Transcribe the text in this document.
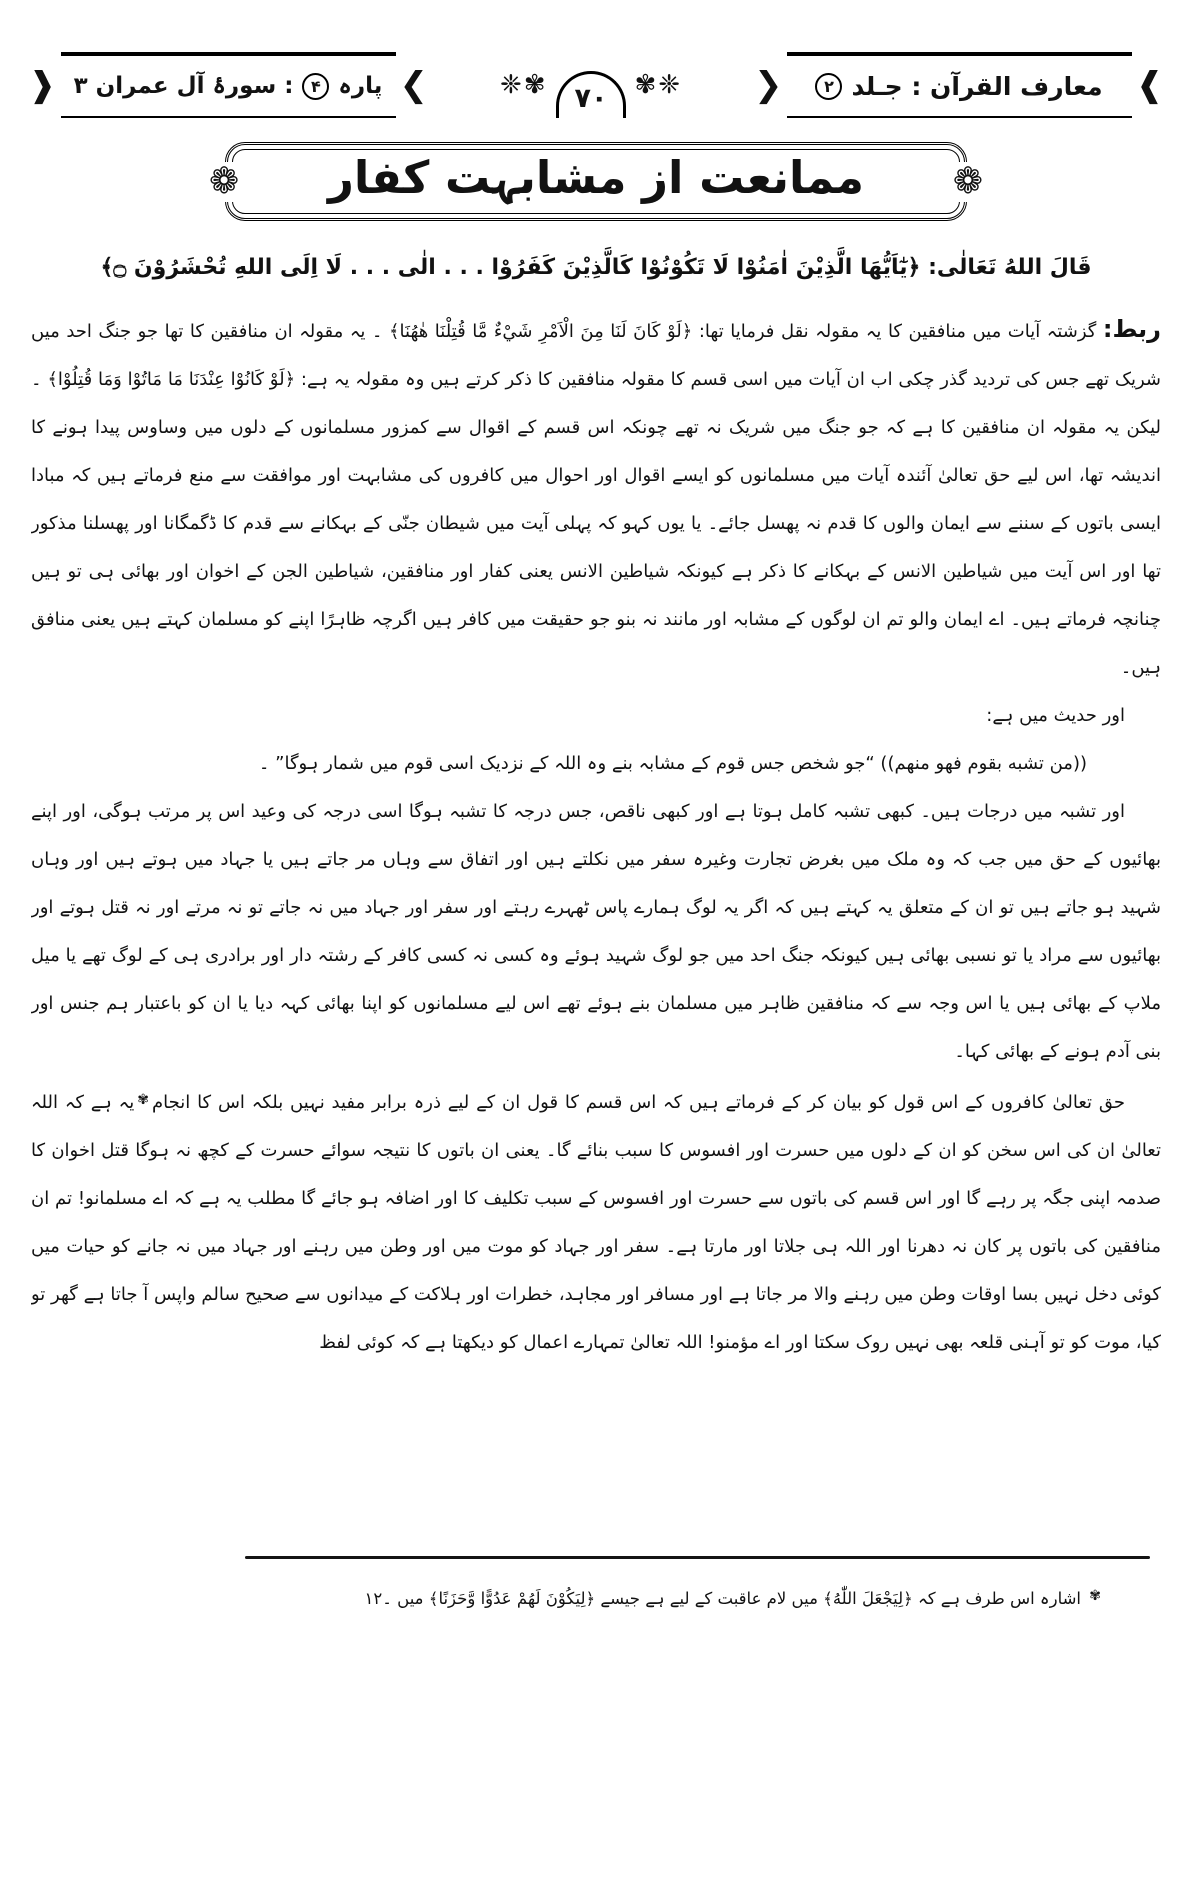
❱
معارف القرآن : جـلد
۲
❮
❈✾
۷۰
✾❈
❯
پارہ
۴
: سورۂ آل عمران ۳
❰
❁
ممانعت از مشابہت کفار
❁
قَالَ اللهُ تَعَالٰى: ﴿يٰٓاَيُّهَا الَّذِيْنَ اٰمَنُوْا لَا تَكُوْنُوْا كَالَّذِيْنَ كَفَرُوْا . . . الٰى . . . لَا اِلَى اللهِ تُحْشَرُوْنَ ۝﴾

ربط: گزشتہ آیات میں منافقین کا یہ مقولہ نقل فرمایا تھا: ﴿لَوْ كَانَ لَنَا مِنَ الْاَمْرِ شَيْءٌ مَّا قُتِلْنَا هٰهُنَا﴾ ۔ یہ مقولہ ان منافقین کا تھا جو جنگ احد میں شریک تھے جس کی تردید گذر چکی اب ان آیات میں اسی قسم کا مقولہ منافقین کا ذکر کرتے ہیں وہ مقولہ یہ ہے: ﴿لَوْ كَانُوْا عِنْدَنَا مَا مَاتُوْا وَمَا قُتِلُوْا﴾ ۔ لیکن یہ مقولہ ان منافقین کا ہے کہ جو جنگ میں شریک نہ تھے چونکہ اس قسم کے اقوال سے کمزور مسلمانوں کے دلوں میں وساوس پیدا ہونے کا اندیشہ تھا، اس لیے حق تعالیٰ آئندہ آیات میں مسلمانوں کو ایسے اقوال اور احوال میں کافروں کی مشابہت اور موافقت سے منع فرماتے ہیں کہ مبادا ایسی باتوں کے سننے سے ایمان والوں کا قدم نہ پھسل جائے۔ یا یوں کہو کہ پہلی آیت میں شیطان جنّی کے بہکانے سے قدم کا ڈگمگانا اور پھسلنا مذکور تھا اور اس آیت میں شیاطین الانس کے بہکانے کا ذکر ہے کیونکہ شیاطین الانس یعنی کفار اور منافقین، شیاطین الجن کے اخوان اور بھائی ہی تو ہیں چنانچہ فرماتے ہیں۔ اے ایمان والو تم ان لوگوں کے مشابہ اور مانند نہ بنو جو حقیقت میں کافر ہیں اگرچہ ظاہرًا اپنے کو مسلمان کہتے ہیں یعنی منافق ہیں۔

اور حدیث میں ہے:

((من تشبه بقوم فهو منهم)) “جو شخص جس قوم کے مشابہ بنے وہ اللہ کے نزدیک اسی قوم میں شمار ہوگا” ۔

اور تشبہ میں درجات ہیں۔ کبھی تشبہ کامل ہوتا ہے اور کبھی ناقص، جس درجہ کا تشبہ ہوگا اسی درجہ کی وعید اس پر مرتب ہوگی، اور اپنے بھائیوں کے حق میں جب کہ وہ ملک میں بغرض تجارت وغیرہ سفر میں نکلتے ہیں اور اتفاق سے وہاں مر جاتے ہیں یا جہاد میں ہوتے ہیں اور وہاں شہید ہو جاتے ہیں تو ان کے متعلق یہ کہتے ہیں کہ اگر یہ لوگ ہمارے پاس ٹھہرے رہتے اور سفر اور جہاد میں نہ جاتے تو نہ مرتے اور نہ قتل ہوتے اور بھائیوں سے مراد یا تو نسبی بھائی ہیں کیونکہ جنگ احد میں جو لوگ شہید ہوئے وہ کسی نہ کسی کافر کے رشتہ دار اور برادری ہی کے لوگ تھے یا میل ملاپ کے بھائی ہیں یا اس وجہ سے کہ منافقین ظاہر میں مسلمان بنے ہوئے تھے اس لیے مسلمانوں کو اپنا بھائی کہہ دیا یا ان کو باعتبار ہم جنس اور بنی آدم ہونے کے بھائی کہا۔

حق تعالیٰ کافروں کے اس قول کو بیان کر کے فرماتے ہیں کہ اس قسم کا قول ان کے لیے ذرہ برابر مفید نہیں بلکہ اس کا انجام✾یہ ہے کہ اللہ تعالیٰ ان کی اس سخن کو ان کے دلوں میں حسرت اور افسوس کا سبب بنائے گا۔ یعنی ان باتوں کا نتیجہ سوائے حسرت کے کچھ نہ ہوگا قتل اخوان کا صدمہ اپنی جگہ پر رہے گا اور اس قسم کی باتوں سے حسرت اور افسوس کے سبب تکلیف کا اور اضافہ ہو جائے گا مطلب یہ ہے کہ اے مسلمانو! تم ان منافقین کی باتوں پر کان نہ دھرنا اور اللہ ہی جلاتا اور مارتا ہے۔ سفر اور جہاد کو موت میں اور وطن میں رہنے اور جہاد میں نہ جانے کو حیات میں کوئی دخل نہیں بسا اوقات وطن میں رہنے والا مر جاتا ہے اور مسافر اور مجاہد، خطرات اور ہلاکت کے میدانوں سے صحیح سالم واپس آ جاتا ہے گھر تو کیا، موت کو تو آہنی قلعہ بھی نہیں روک سکتا اور اے مؤمنو! اللہ تعالیٰ تمہارے اعمال کو دیکھتا ہے کہ کوئی لفظ

✾ اشارہ اس طرف ہے کہ ﴿لِيَجْعَلَ اللّٰهُ﴾ میں لام عاقبت کے لیے ہے جیسے ﴿لِيَكُوْنَ لَهُمْ عَدُوًّا وَّحَزَنًا﴾ میں ۔۱۲
